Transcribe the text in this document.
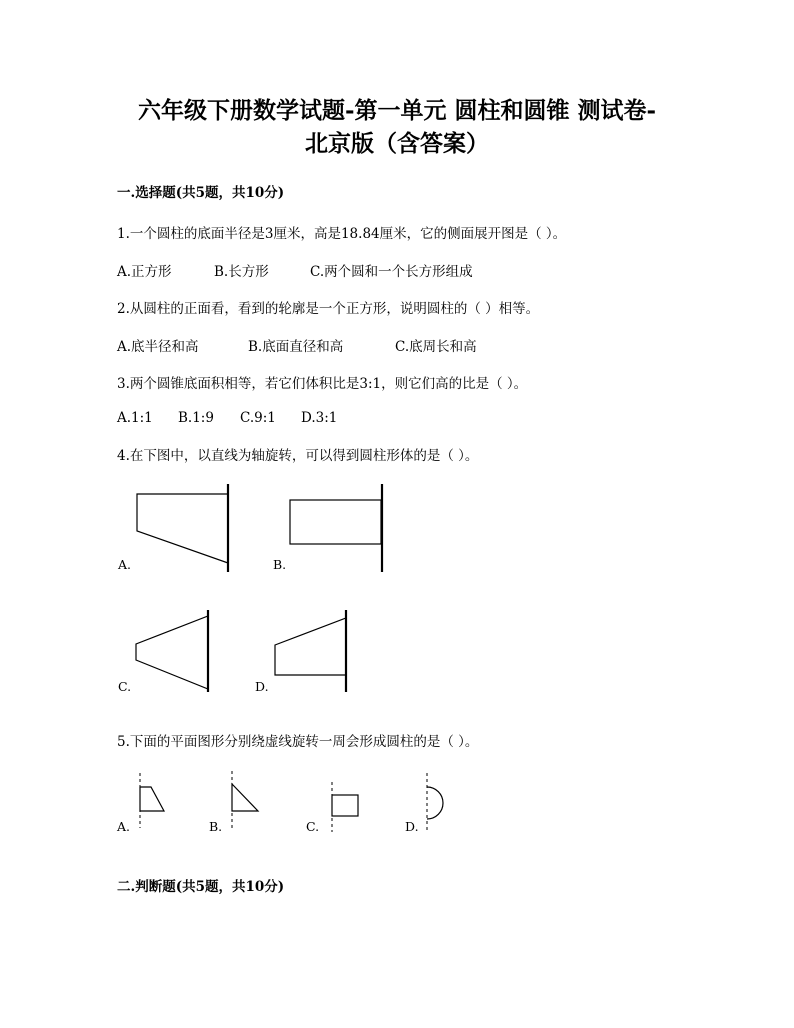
六年级下册数学试题-第一单元 圆柱和圆锥 测试卷-
北京版（含答案）
一.选择题(共5题，共10分)
1.一个圆柱的底面半径是3厘米，高是18.84厘米，它的侧面展开图是（ ）。
A.正方形	B.长方形	C.两个圆和一个长方形组成
2.从圆柱的正面看，看到的轮廓是一个正方形，说明圆柱的（ ）相等。
A.底半径和高	B.底面直径和高	C.底周长和高
3.两个圆锥底面积相等，若它们体积比是3:1，则它们高的比是（ ）。
A.1:1 B.1:9 C.9:1 D.3:1
4.在下图中，以直线为轴旋转，可以得到圆柱形体的是（ ）。
A.	B.
C.	D.
5.下面的平面图形分别绕虚线旋转一周会形成圆柱的是（ ）。
A.	B.	C.	D.
二.判断题(共5题，共10分)
